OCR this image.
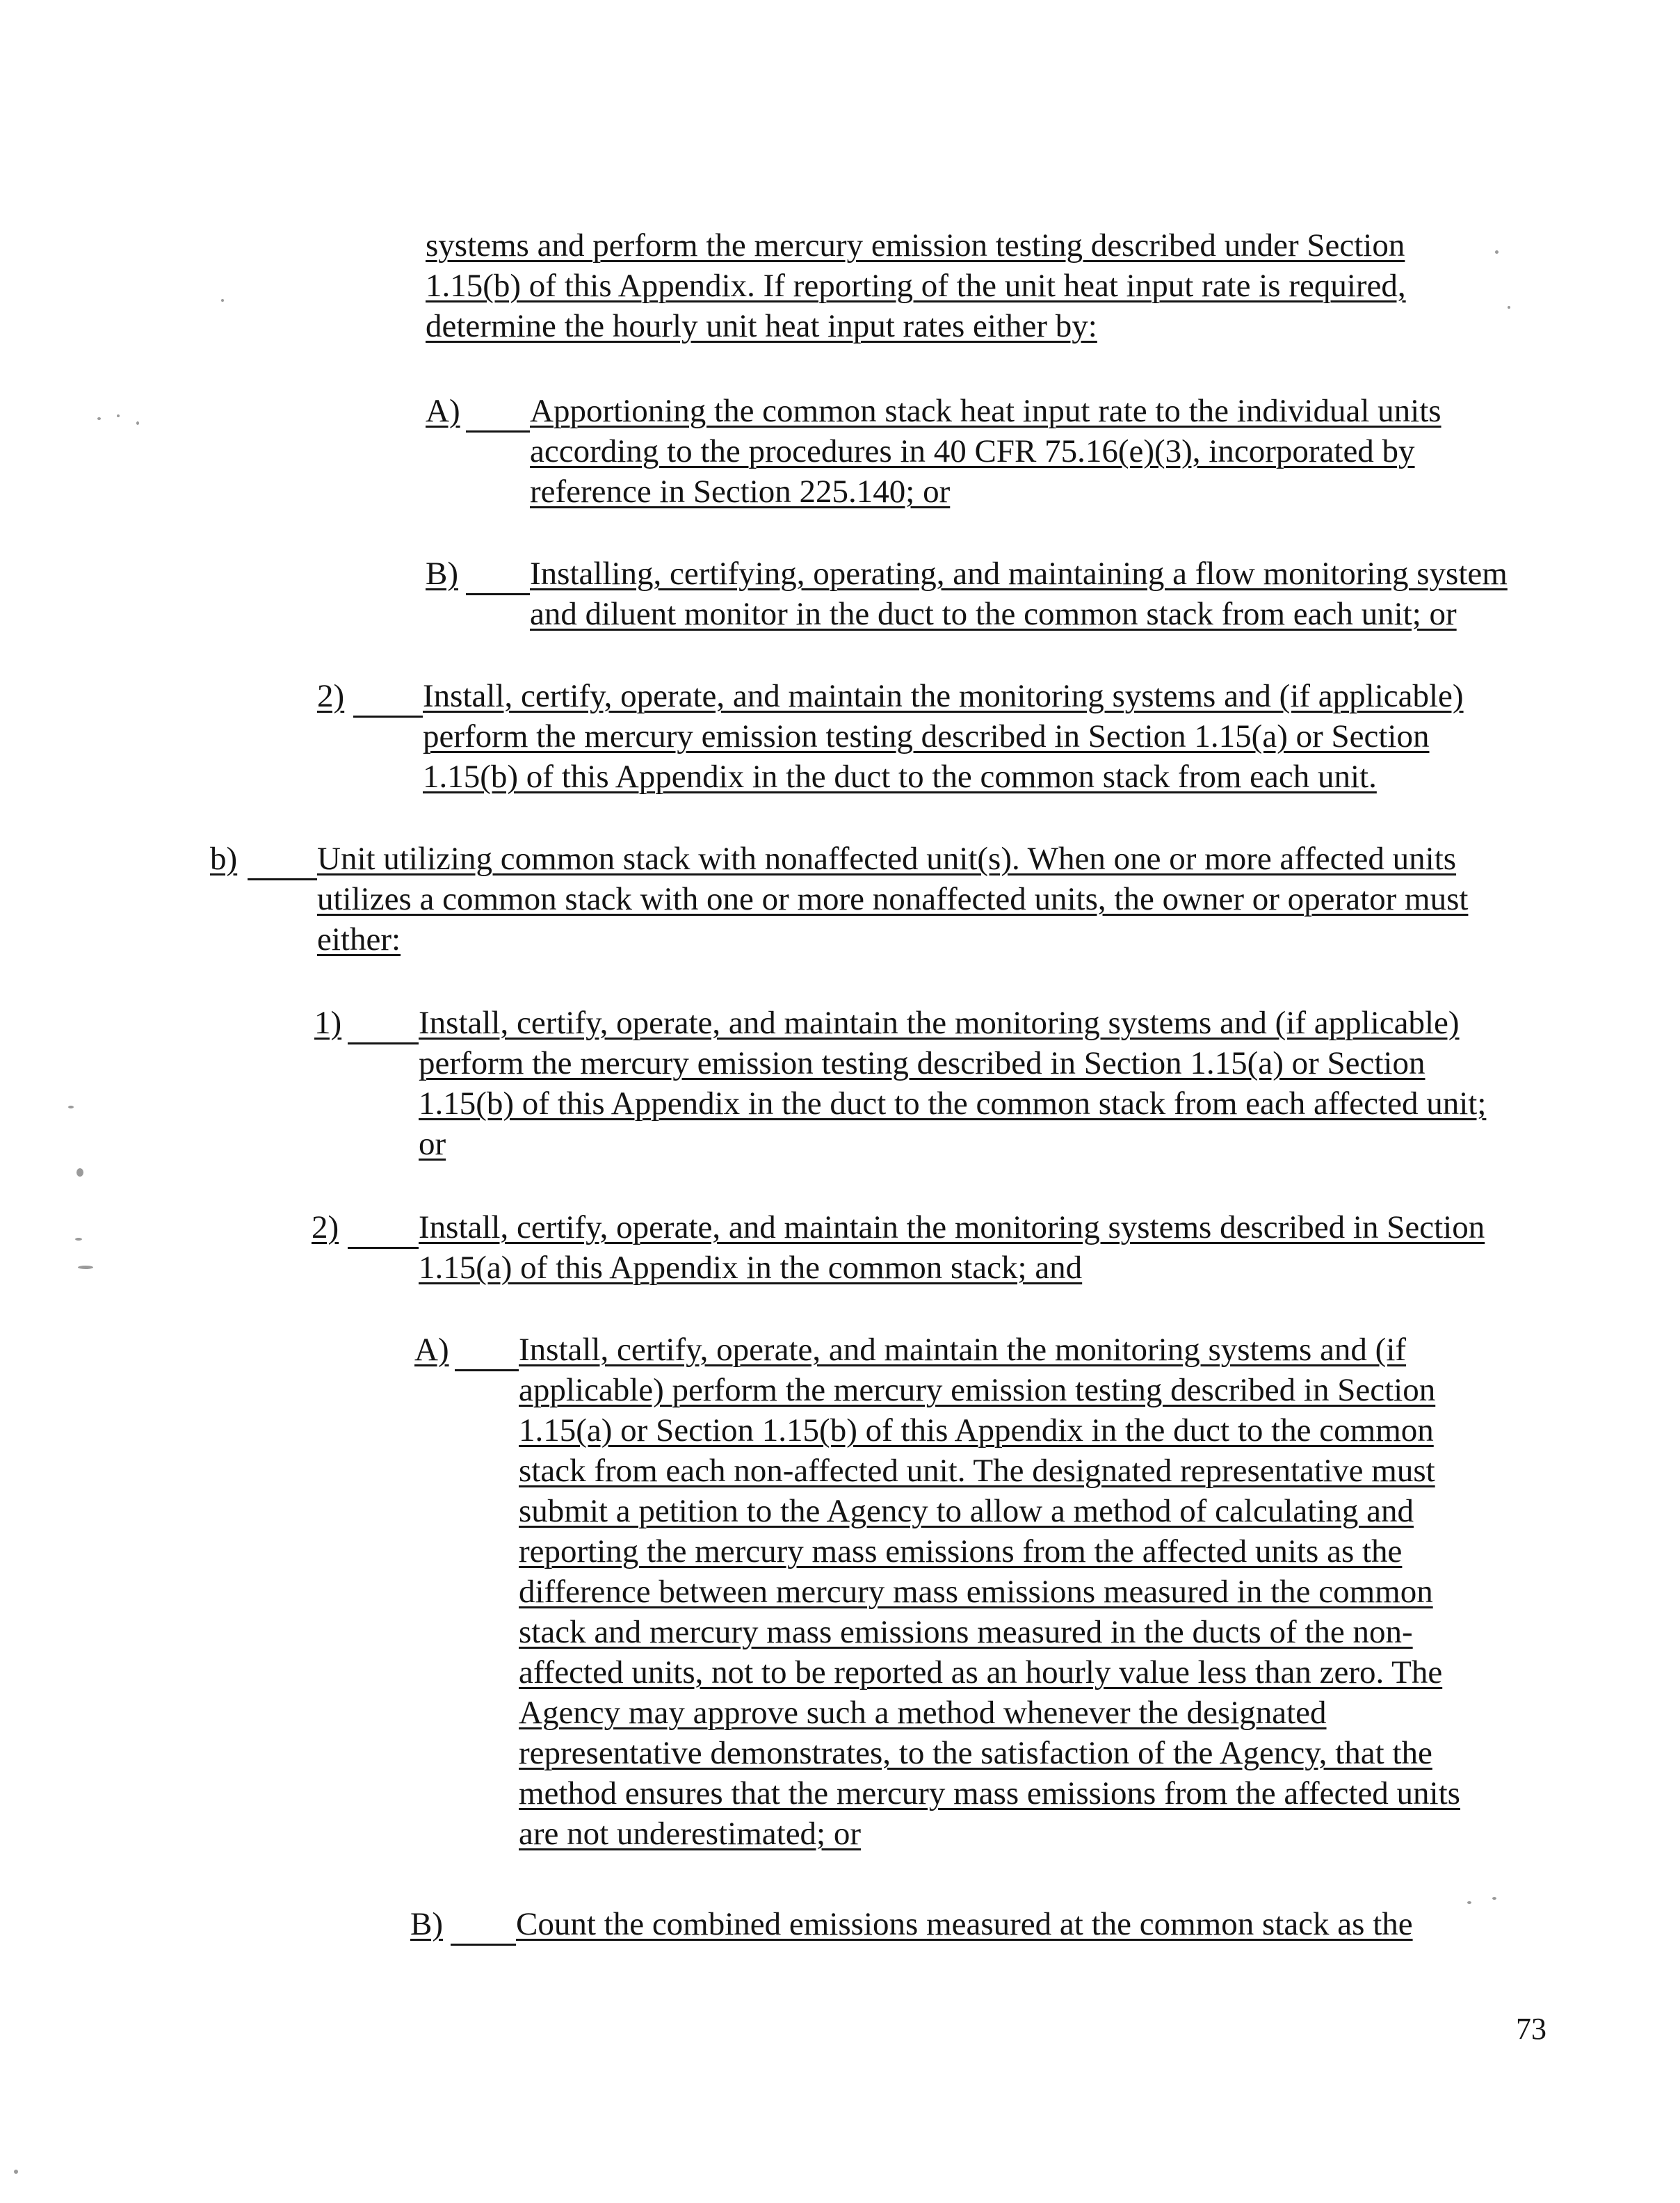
systems and perform the mercury emission testing described under Section
1.15(b) of this Appendix. If reporting of the unit heat input rate is required,
determine the hourly unit heat input rates either by:
A) Apportioning the common stack heat input rate to the individual units
according to the procedures in 40 CFR 75.16(e)(3), incorporated by
reference in Section 225.140; or
B) Installing, certifying, operating, and maintaining a flow monitoring system
and diluent monitor in the duct to the common stack from each unit; or
2) Install, certify, operate, and maintain the monitoring systems and (if applicable)
perform the mercury emission testing described in Section 1.15(a) or Section
1.15(b) of this Appendix in the duct to the common stack from each unit.
b) Unit utilizing common stack with nonaffected unit(s). When one or more affected units
utilizes a common stack with one or more nonaffected units, the owner or operator must
either:
1) Install, certify, operate, and maintain the monitoring systems and (if applicable)
perform the mercury emission testing described in Section 1.15(a) or Section
1.15(b) of this Appendix in the duct to the common stack from each affected unit;
or
2) Install, certify, operate, and maintain the monitoring systems described in Section
1.15(a) of this Appendix in the common stack; and
A) Install, certify, operate, and maintain the monitoring systems and (if
applicable) perform the mercury emission testing described in Section
1.15(a) or Section 1.15(b) of this Appendix in the duct to the common
stack from each non-affected unit. The designated representative must
submit a petition to the Agency to allow a method of calculating and
reporting the mercury mass emissions from the affected units as the
difference between mercury mass emissions measured in the common
stack and mercury mass emissions measured in the ducts of the non-
affected units, not to be reported as an hourly value less than zero. The
Agency may approve such a method whenever the designated
representative demonstrates, to the satisfaction of the Agency, that the
method ensures that the mercury mass emissions from the affected units
are not underestimated; or
B) Count the combined emissions measured at the common stack as the
73
